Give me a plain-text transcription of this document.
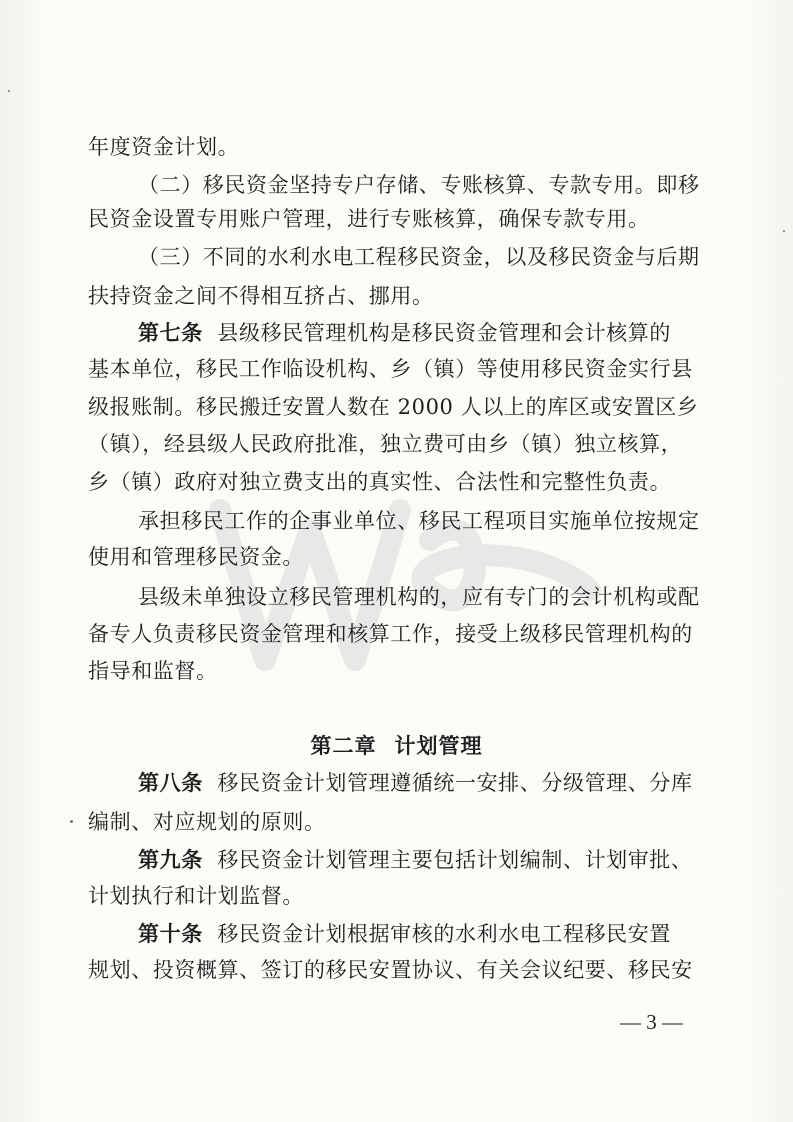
年度资金计划。
（二）移民资金坚持专户存储、专账核算、专款专用。即移
民资金设置专用账户管理，进行专账核算，确保专款专用。
（三）不同的水利水电工程移民资金，以及移民资金与后期
扶持资金之间不得相互挤占、挪用。
第七条 县级移民管理机构是移民资金管理和会计核算的
基本单位，移民工作临设机构、乡（镇）等使用移民资金实行县
级报账制。移民搬迁安置人数在 2000 人以上的库区或安置区乡
（镇），经县级人民政府批准，独立费可由乡（镇）独立核算，
乡（镇）政府对独立费支出的真实性、合法性和完整性负责。
承担移民工作的企事业单位、移民工程项目实施单位按规定
使用和管理移民资金。
县级未单独设立移民管理机构的，应有专门的会计机构或配
备专人负责移民资金管理和核算工作，接受上级移民管理机构的
指导和监督。
第二章 计划管理
第八条 移民资金计划管理遵循统一安排、分级管理、分库
编制、对应规划的原则。
第九条 移民资金计划管理主要包括计划编制、计划审批、
计划执行和计划监督。
第十条 移民资金计划根据审核的水利水电工程移民安置
规划、投资概算、签订的移民安置协议、有关会议纪要、移民安
— 3 —
